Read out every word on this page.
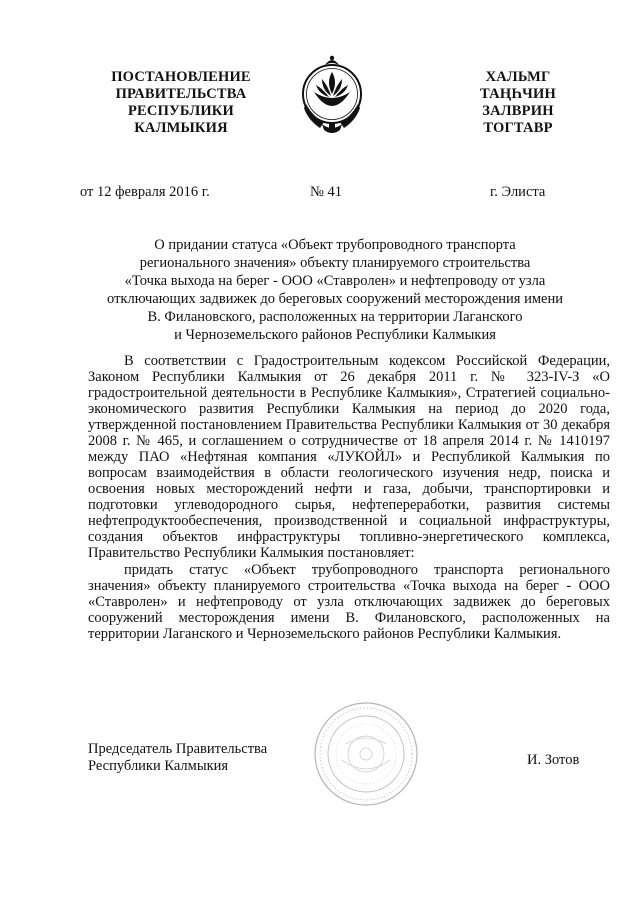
ПОСТАНОВЛЕНИЕ
ПРАВИТЕЛЬСТВА
РЕСПУБЛИКИ
КАЛМЫКИЯ
ХАЛЬМГ
ТАҢҺЧИН
ЗАЛВРИН
ТОГТАВР
от 12 февраля 2016 г.	№ 41	г. Элиста
О придании статуса «Объект трубопроводного транспорта
регионального значения» объекту планируемого строительства
«Точка выхода на берег - ООО «Ставролен» и нефтепроводу от узла
отключающих задвижек до береговых сооружений месторождения имени
В. Филановского, расположенных на территории Лаганского
и Черноземельского районов Республики Калмыкия

В соответствии с Градостроительным кодексом Российской Федерации, Законом Республики Калмыкия от 26 декабря 2011 г. № 323-IV-З «О градостроительной деятельности в Республике Калмыкия», Стратегией социально-экономического развития Республики Калмыкия на период до 2020 года, утвержденной постановлением Правительства Республики Калмыкия от 30 декабря 2008 г. № 465, и соглашением о сотрудничестве от 18 апреля 2014 г. № 1410197 между ПАО «Нефтяная компания «ЛУКОЙЛ» и Республикой Калмыкия по вопросам взаимодействия в области геологического изучения недр, поиска и освоения новых месторождений нефти и газа, добычи, транспортировки и подготовки углеводородного сырья, нефтепереработки, развития системы нефтепродуктообеспечения, производственной и социальной инфраструктуры, создания объектов инфраструктуры топливно-энергетического комплекса, Правительство Республики Калмыкия постановляет:

придать статус «Объект трубопроводного транспорта регионального значения» объекту планируемого строительства «Точка выхода на берег - ООО «Ставролен» и нефтепроводу от узла отключающих задвижек до береговых сооружений месторождения имени В. Филановского, расположенных на территории Лаганского и Черноземельского районов Республики Калмыкия.

Председатель Правительства
Республики Калмыкия	И. Зотов
